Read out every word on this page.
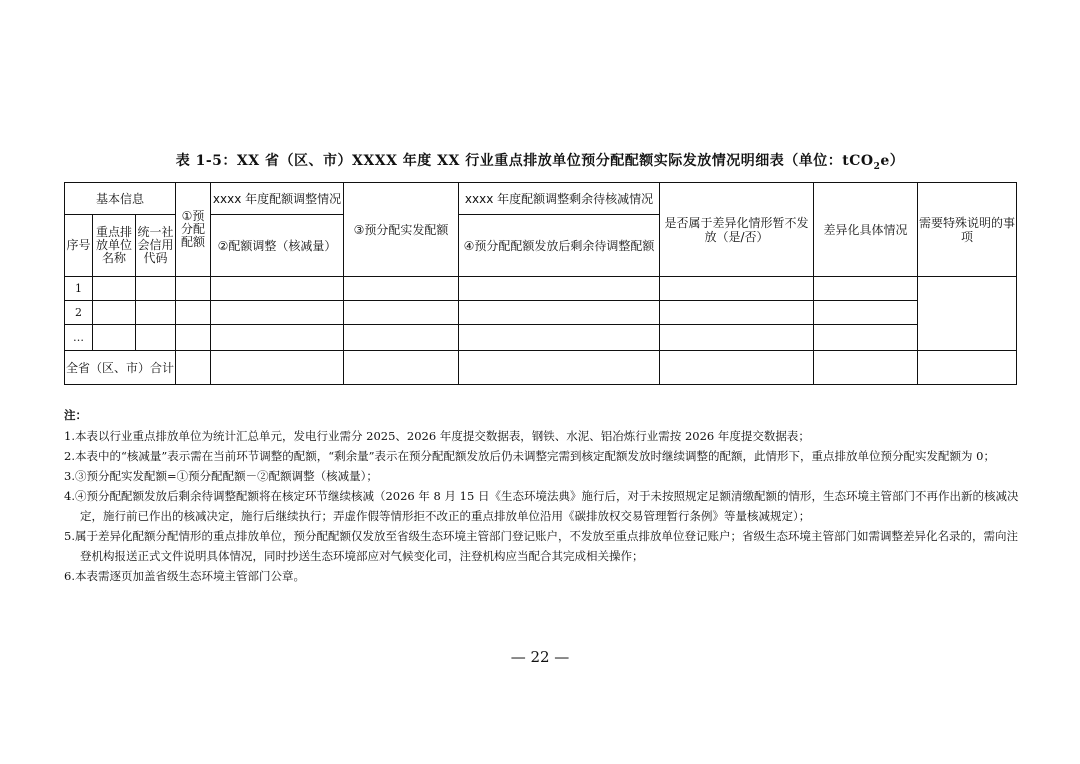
表 1-5：XX 省（区、市）XXXX 年度 XX 行业重点排放单位预分配配额实际发放情况明细表（单位：tCO$_2$e）
基本信息			①预分配配额	xxxx 年度配额调整情况	③预分配实发配额	xxxx 年度配额调整剩余待核减情况	是否属于差异化情形暂不发放（是/否）	差异化具体情况	需要特殊说明的事项
序号	重点排放单位名称	统一社会信用代码		②配额调整（核减量）		④预分配配额发放后剩余待调整配额			
1									
2									
…									
全省（区、市）合计									
注：
1.本表以行业重点排放单位为统计汇总单元，发电行业需分 2025、2026 年度提交数据表，钢铁、水泥、铝冶炼行业需按 2026 年度提交数据表；
2.本表中的“核减量”表示需在当前环节调整的配额，“剩余量”表示在预分配配额发放后仍未调整完需到核定配额发放时继续调整的配额，此情形下，重点排放单位预分配实发配额为 0；
3.③预分配实发配额=①预分配配额－②配额调整（核减量）；
4.④预分配配额发放后剩余待调整配额将在核定环节继续核减（2026 年 8 月 15 日《生态环境法典》施行后，对于未按照规定足额清缴配额的情形，生态环境主管部门不再作出新的核减决定，施行前已作出的核减决定，施行后继续执行；弄虚作假等情形拒不改正的重点排放单位沿用《碳排放权交易管理暂行条例》等量核减规定）；
5.属于差异化配额分配情形的重点排放单位，预分配配额仅发放至省级生态环境主管部门登记账户，不发放至重点排放单位登记账户；省级生态环境主管部门如需调整差异化名录的，需向注登机构报送正式文件说明具体情况，同时抄送生态环境部应对气候变化司，注登机构应当配合其完成相关操作；
6.本表需逐页加盖省级生态环境主管部门公章。
— 22 —
